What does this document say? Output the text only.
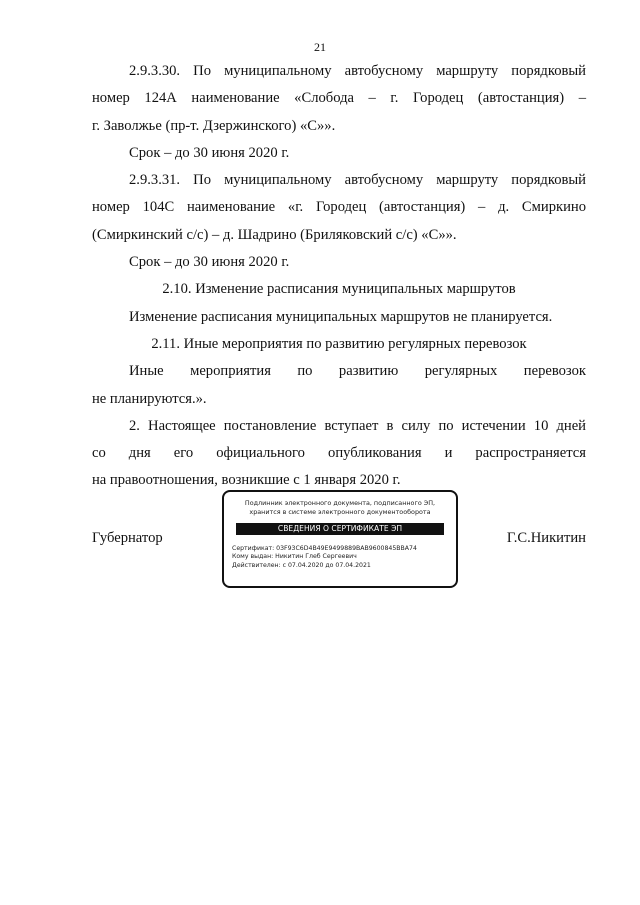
21

2.9.3.30. По муниципальному автобусному маршруту порядковый

номер 124А наименование «Слобода – г. Городец (автостанция) –

г. Заволжье (пр-т. Дзержинского) «С»».

Срок – до 30 июня 2020 г.

2.9.3.31. По муниципальному автобусному маршруту порядковый

номер 104С наименование «г. Городец (автостанция) – д. Смиркино

(Смиркинский с/с) – д. Шадрино (Бриляковский с/с) «С»».

Срок – до 30 июня 2020 г.

2.10. Изменение расписания муниципальных маршрутов

Изменение расписания муниципальных маршрутов не планируется.

2.11. Иные мероприятия по развитию регулярных перевозок

Иные мероприятия по развитию регулярных перевозок

не планируются.».

2. Настоящее постановление вступает в силу по истечении 10 дней

со дня его официального опубликования и распространяется

на правоотношения, возникшие с 1 января 2020 г.

Губернатор
Подлинник электронного документа, подписанного ЭП,
хранится в системе электронного документооборота
СВЕДЕНИЯ О СЕРТИФИКАТЕ ЭП
Сертификат: 03F93C6D4B49E9499889BAB9600845BBA74
Кому выдан: Никитин Глеб Сергеевич
Действителен: с 07.04.2020 до 07.04.2021
Г.С.Никитин
